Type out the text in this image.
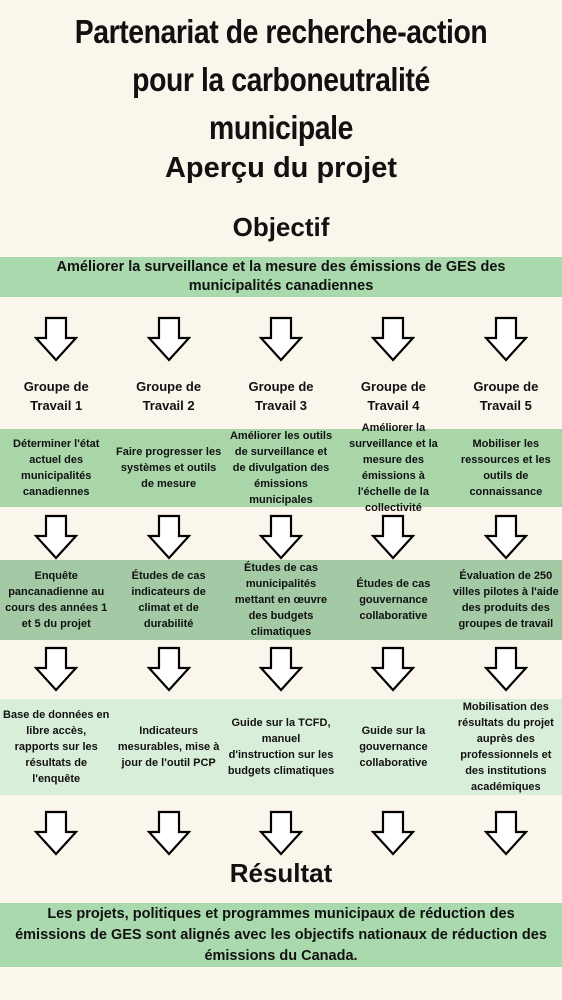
Partenariat de recherche-action
pour la carboneutralité
municipale
Aperçu du projet
Objectif
Améliorer la surveillance et la mesure des émissions de GES des municipalités canadiennes
Groupe de Travail 1
Groupe de Travail 2
Groupe de Travail 3
Groupe de Travail 4
Groupe de Travail 5
Déterminer l'état actuel des municipalités canadiennes
Faire progresser les systèmes et outils de mesure
Améliorer les outils de surveillance et de divulgation des émissions municipales
Améliorer la surveillance et la mesure des émissions à l'échelle de la collectivité
Mobiliser les ressources et les outils de connaissance
Enquête pancanadienne au cours des années 1 et 5 du projet
Études de cas indicateurs de climat et de durabilité
Études de cas municipalités mettant en œuvre des budgets climatiques
Études de cas gouvernance collaborative
Évaluation de 250 villes pilotes à l'aide des produits des groupes de travail
Base de données en libre accès, rapports sur les résultats de l'enquête
Indicateurs mesurables, mise à jour de l'outil PCP
Guide sur la TCFD, manuel d'instruction sur les budgets climatiques
Guide sur la gouvernance collaborative
Mobilisation des résultats du projet auprès des professionnels et des institutions académiques
Résultat
Les projets, politiques et programmes municipaux de réduction des émissions de GES sont alignés avec les objectifs nationaux de réduction des émissions du Canada.
